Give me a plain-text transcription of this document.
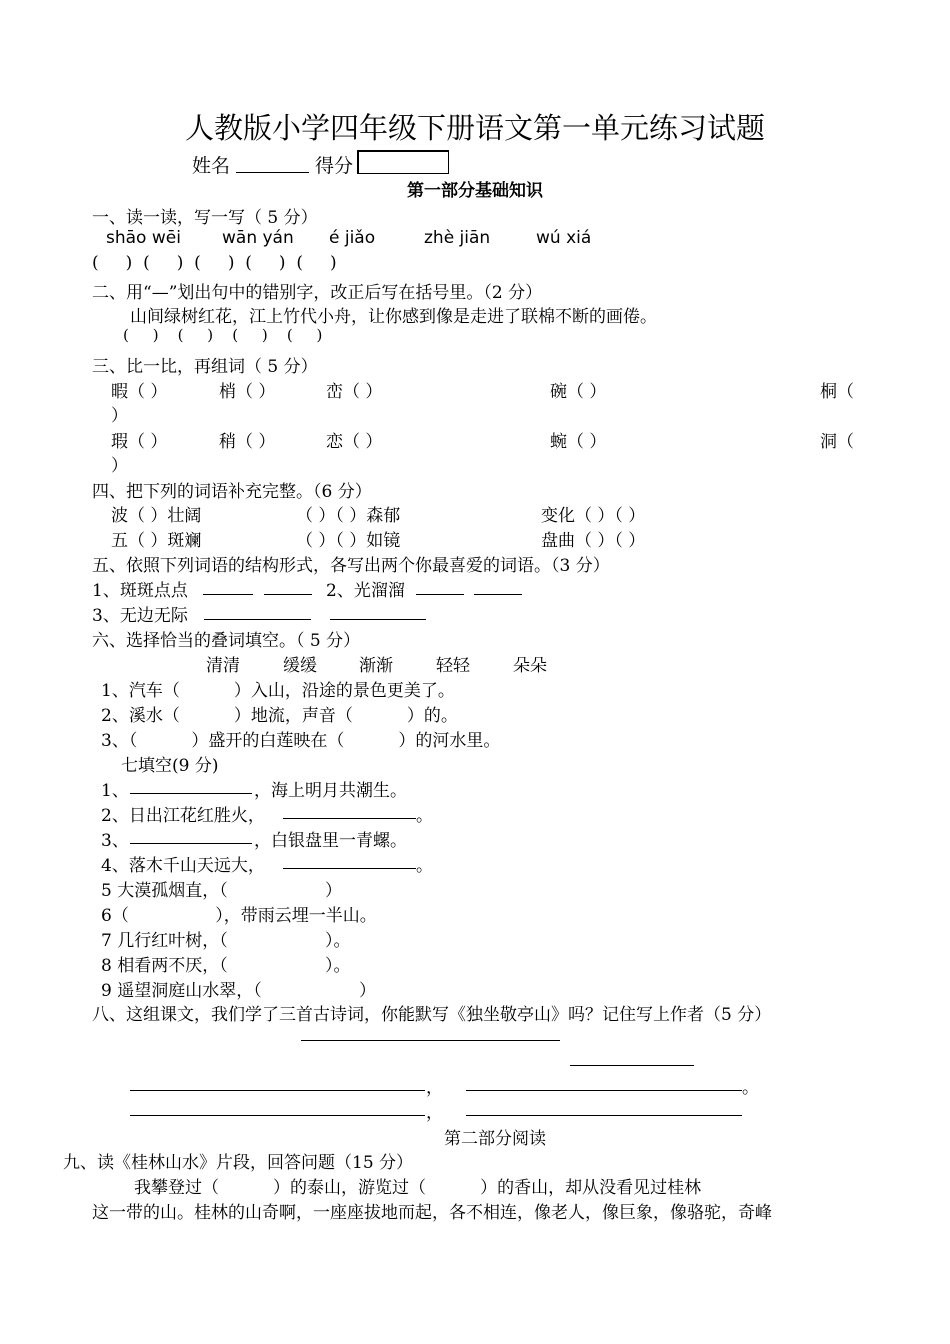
人教版小学四年级下册语文第一单元练习试题
姓名	得分
第一部分基础知识
一、读一读，写一写（ 5 分）
shāo wēi wān yán é jiǎo	zhè jiān	wú xiá
(     )  (     )  (     )  (     )  (     )
二、用“—”划出句中的错别字，改正后写在括号里。（2 分）
山间绿树红花，江上竹代小舟，让你感到像是走进了联棉不断的画倦。
(     )    (     )    (     )    (     )
三、比一比，再组词（ 5 分）
暇（ ）	梢（ ）	峦（ ）	碗（ ）	桐（
）
瑕（ ）	稍（ ）	恋（ ）	蜿（ ）	洞（
）
四、把下列的词语补充完整。（6 分）
波（ ）壮阔	（ ）（ ）森郁	变化（ ）（ ）
五（ ）斑斓	（ ）（ ）如镜	盘曲（ ）（ ）
五、依照下列词语的结构形式，各写出两个你最喜爱的词语。（3 分）
1、斑斑点点	2、光溜溜
3、无边无际
六、选择恰当的叠词填空。（ 5 分）
清清	缓缓 渐渐	轻轻	朵朵
1、汽车（          ）入山，沿途的景色更美了。
2、溪水（          ）地流，声音（          ）的。
3、（          ）盛开的白莲映在（          ）的河水里。
七填空(9 分)
1、	，海上明月共潮生。
2、日出江花红胜火，	。
3、	，白银盘里一青螺。
4、落木千山天远大，	。
5 大漠孤烟直，（                  ）
6（                ），带雨云埋一半山。
7 几行红叶树，（                  ）。
8 相看两不厌，（                  ）。
9 遥望洞庭山水翠，（                  ）
八、这组课文，我们学了三首古诗词，你能默写《独坐敬亭山》吗？记住写上作者（5 分）
，	。
，
第二部分阅读
九、读《桂林山水》片段，回答问题（15 分）
我攀登过（          ）的泰山，游览过（          ）的香山，却从没看见过桂林
这一带的山。桂林的山奇啊，一座座拔地而起，各不相连，像老人，像巨象，像骆驼，奇峰
